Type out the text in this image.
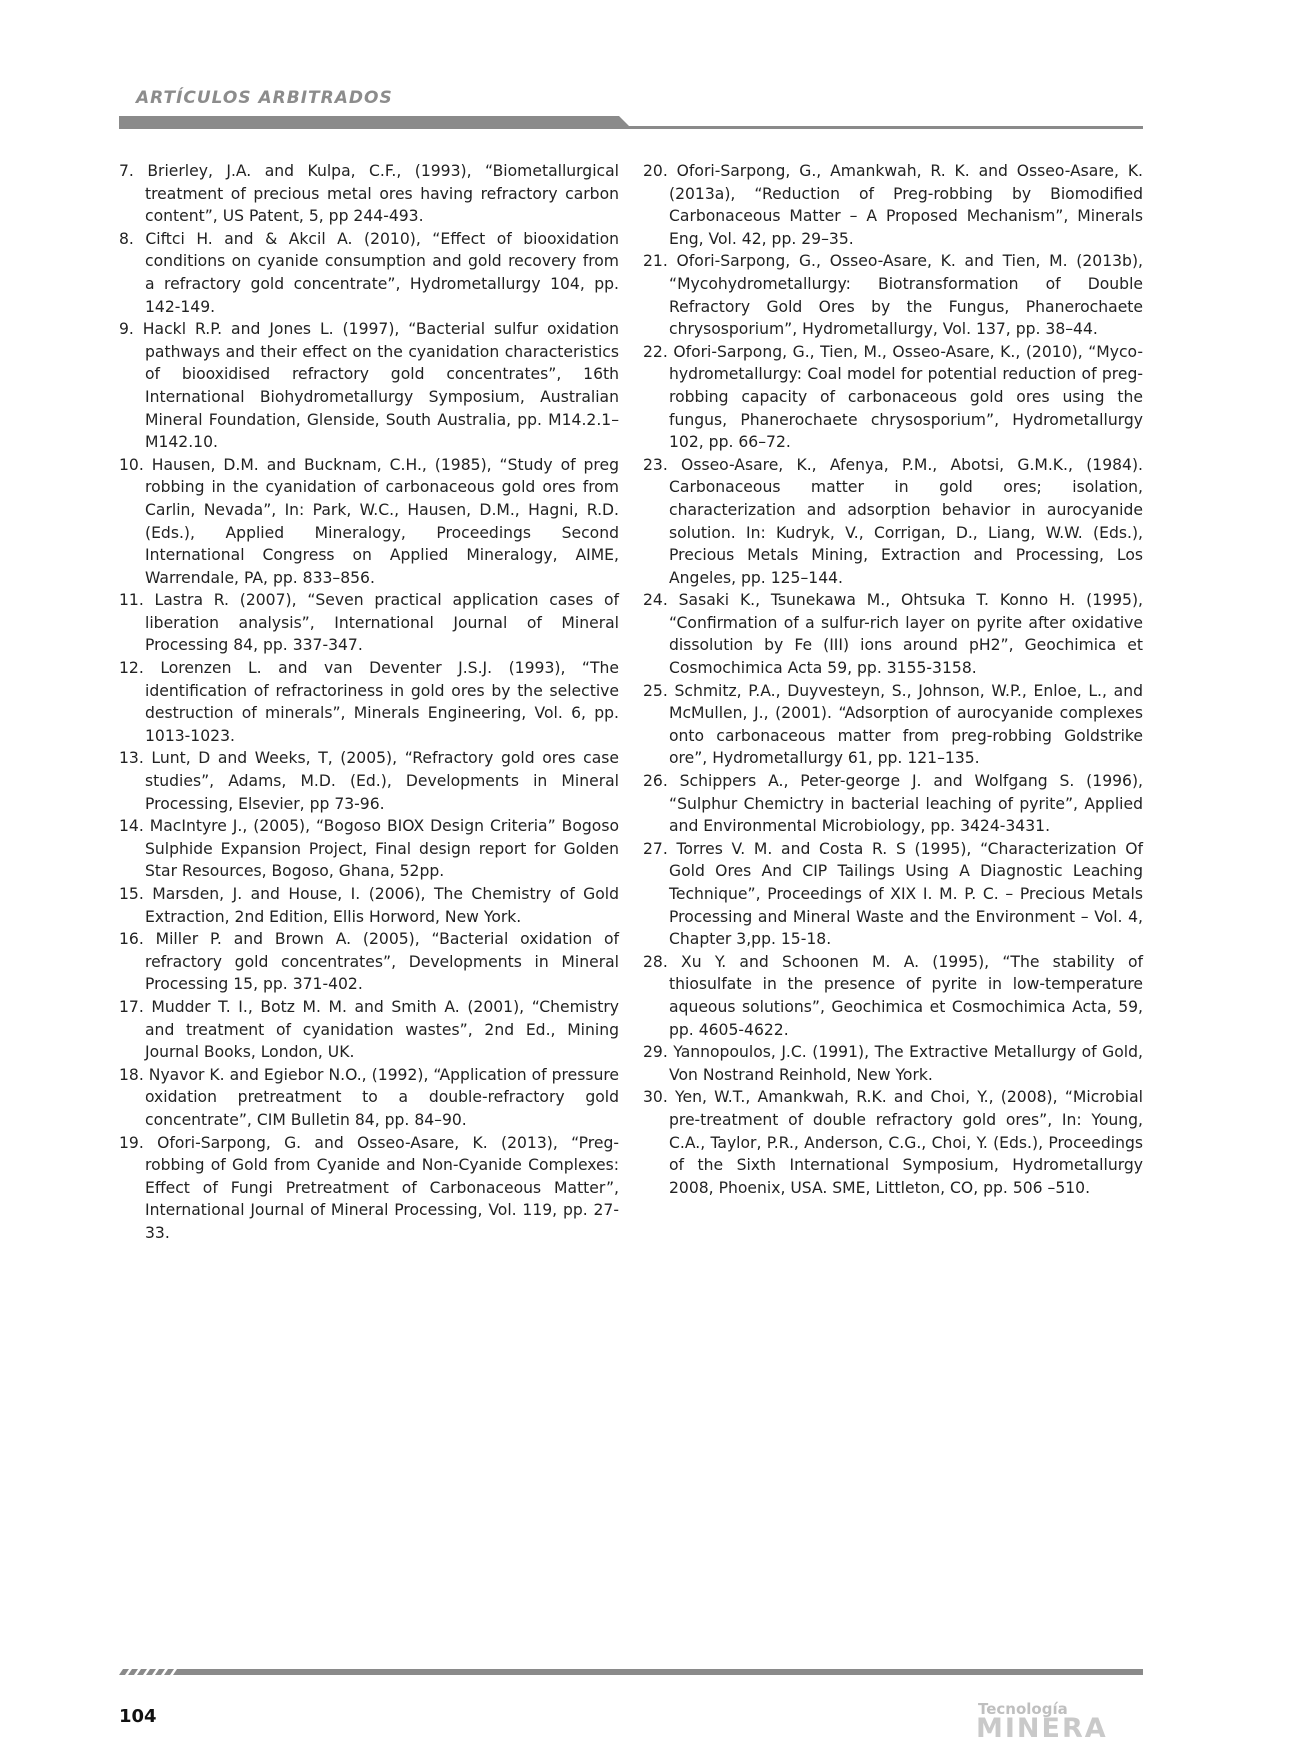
ARTÍCULOS ARBITRADOS
7. Brierley, J.A. and Kulpa, C.F., (1993), “Biometallurgical treatment of precious metal ores having refractory carbon content”, US Patent, 5, pp 244-493.
8. Ciftci H. and & Akcil A. (2010), “Effect of biooxidation conditions on cyanide consumption and gold recovery from a refractory gold concentrate”, Hydrometallurgy 104, pp. 142-149.
9. Hackl R.P. and Jones L. (1997), “Bacterial sulfur oxidation pathways and their effect on the cyanidation characteristics of biooxidised refractory gold concentrates”, 16th International Biohydrometallurgy Symposium, Australian Mineral Foundation, Glenside, South Australia, pp. M14.2.1–M142.10.
10. Hausen, D.M. and Bucknam, C.H., (1985), “Study of preg robbing in the cyanidation of carbonaceous gold ores from Carlin, Nevada”, In: Park, W.C., Hausen, D.M., Hagni, R.D. (Eds.), Applied Mineralogy, Proceedings Second International Congress on Applied Mineralogy, AIME, Warrendale, PA, pp. 833–856.
11. Lastra R. (2007), “Seven practical application cases of liberation analysis”, International Journal of Mineral Processing 84, pp. 337-347.
12. Lorenzen L. and van Deventer J.S.J. (1993), “The identification of refractoriness in gold ores by the selective destruction of minerals”, Minerals Engineering, Vol. 6, pp. 1013-1023.
13. Lunt, D and Weeks, T, (2005), “Refractory gold ores case studies”, Adams, M.D. (Ed.), Developments in Mineral Processing, Elsevier, pp 73-96.
14. MacIntyre J., (2005), “Bogoso BIOX Design Criteria” Bogoso Sulphide Expansion Project, Final design report for Golden Star Resources, Bogoso, Ghana, 52pp.
15. Marsden, J. and House, I. (2006), The Chemistry of Gold Extraction, 2nd Edition, Ellis Horword, New York.
16. Miller P. and Brown A. (2005), “Bacterial oxidation of refractory gold concentrates”, Developments in Mineral Processing 15, pp. 371-402.
17. Mudder T. I., Botz M. M. and Smith A. (2001), “Chemistry and treatment of cyanidation wastes”, 2nd Ed., Mining Journal Books, London, UK.
18. Nyavor K. and Egiebor N.O., (1992), “Application of pressure oxidation pretreatment to a double-refractory gold concentrate”, CIM Bulletin 84, pp. 84–90.
19. Ofori-Sarpong, G. and Osseo-Asare, K. (2013), “Preg-robbing of Gold from Cyanide and Non-Cyanide Complexes: Effect of Fungi Pretreatment of Carbonaceous Matter”, International Journal of Mineral Processing, Vol. 119, pp. 27-33.
20. Ofori-Sarpong, G., Amankwah, R. K. and Osseo-Asare, K. (2013a), “Reduction of Preg-robbing by Biomodified Carbonaceous Matter – A Proposed Mechanism”, Minerals Eng, Vol. 42, pp. 29–35.
21. Ofori-Sarpong, G., Osseo-Asare, K. and Tien, M. (2013b), “Mycohydrometallurgy: Biotransformation of Double Refractory Gold Ores by the Fungus, Phanerochaete chrysosporium”, Hydrometallurgy, Vol. 137, pp. 38–44.
22. Ofori-Sarpong, G., Tien, M., Osseo-Asare, K., (2010), “Myco-hydrometallurgy: Coal model for potential reduction of preg-robbing capacity of carbonaceous gold ores using the fungus, Phanerochaete chrysosporium”, Hydrometallurgy 102, pp. 66–72.
23. Osseo-Asare, K., Afenya, P.M., Abotsi, G.M.K., (1984). Carbonaceous matter in gold ores; isolation, characterization and adsorption behavior in aurocyanide solution. In: Kudryk, V., Corrigan, D., Liang, W.W. (Eds.), Precious Metals Mining, Extraction and Processing, Los Angeles, pp. 125–144.
24. Sasaki K., Tsunekawa M., Ohtsuka T. Konno H. (1995), “Confirmation of a sulfur-rich layer on pyrite after oxidative dissolution by Fe (III) ions around pH2”, Geochimica et Cosmochimica Acta 59, pp. 3155-3158.
25. Schmitz, P.A., Duyvesteyn, S., Johnson, W.P., Enloe, L., and McMullen, J., (2001). “Adsorption of aurocyanide complexes onto carbonaceous matter from preg-robbing Goldstrike ore”, Hydrometallurgy 61, pp. 121–135.
26. Schippers A., Peter-george J. and Wolfgang S. (1996), “Sulphur Chemictry in bacterial leaching of pyrite”, Applied and Environmental Microbiology, pp. 3424-3431.
27. Torres V. M. and Costa R. S (1995), “Characterization Of Gold Ores And CIP Tailings Using A Diagnostic Leaching Technique”, Proceedings of XIX I. M. P. C. – Precious Metals Processing and Mineral Waste and the Environment – Vol. 4, Chapter 3,pp. 15-18.
28. Xu Y. and Schoonen M. A. (1995), “The stability of thiosulfate in the presence of pyrite in low-temperature aqueous solutions”, Geochimica et Cosmochimica Acta, 59, pp. 4605-4622.
29. Yannopoulos, J.C. (1991), The Extractive Metallurgy of Gold, Von Nostrand Reinhold, New York.
30. Yen, W.T., Amankwah, R.K. and Choi, Y., (2008), “Microbial pre-treatment of double refractory gold ores”, In: Young, C.A., Taylor, P.R., Anderson, C.G., Choi, Y. (Eds.), Proceedings of the Sixth International Symposium, Hydrometallurgy 2008, Phoenix, USA. SME, Littleton, CO, pp. 506 –510.

104	Tecnología
MINERA
